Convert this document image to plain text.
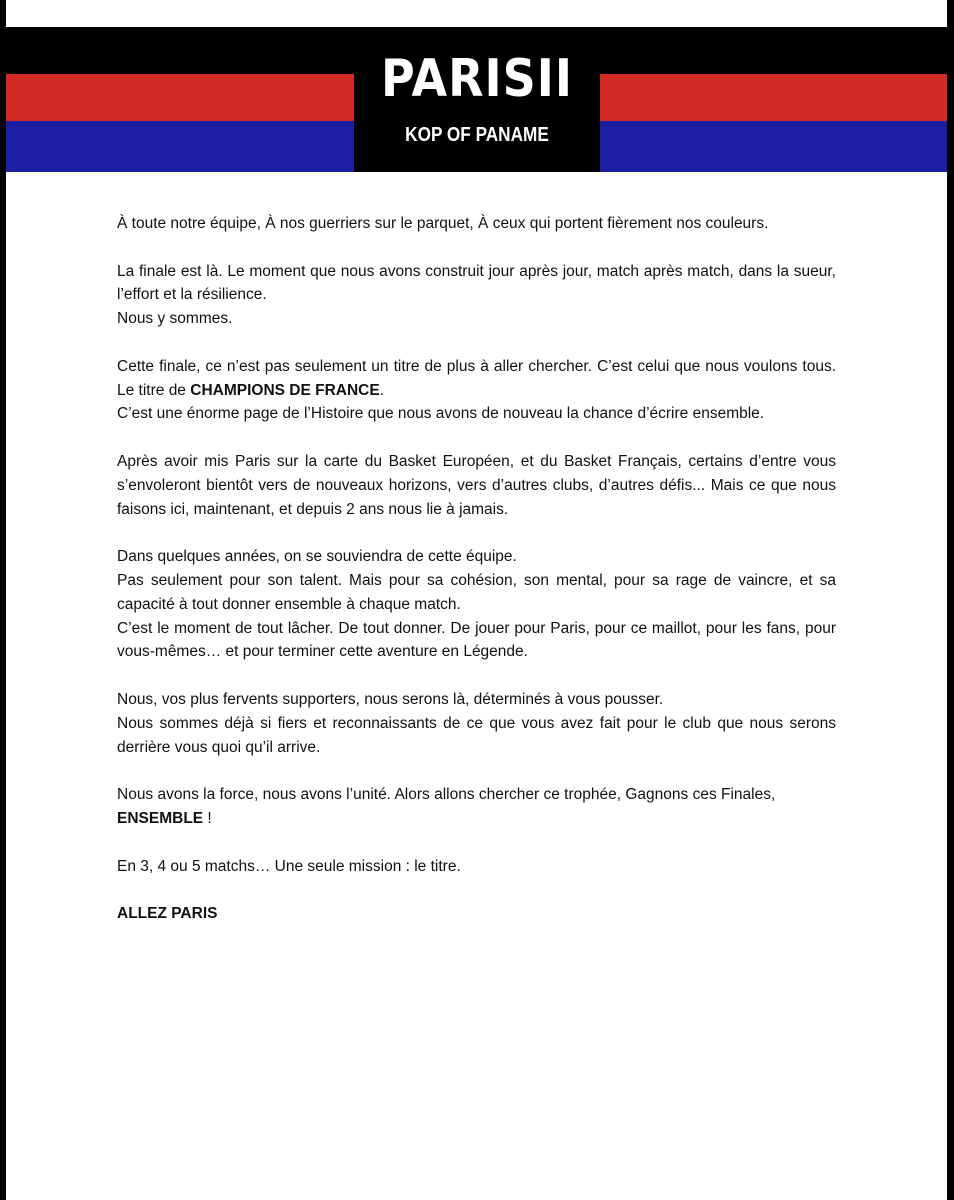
PARISII
KOP OF PANAME

À toute notre équipe, À nos guerriers sur le parquet, À ceux qui portent fièrement nos couleurs.

La finale est là. Le moment que nous avons construit jour après jour, match après match, dans la sueur, l’effort et la résilience.
Nous y sommes.

Cette finale, ce n’est pas seulement un titre de plus à aller chercher. C’est celui que nous voulons tous. Le titre de CHAMPIONS DE FRANCE.
C’est une énorme page de l’Histoire que nous avons de nouveau la chance d’écrire ensemble.

Après avoir mis Paris sur la carte du Basket Européen, et du Basket Français, certains d’entre vous s’envoleront bientôt vers de nouveaux horizons, vers d’autres clubs, d’autres défis... Mais ce que nous faisons ici, maintenant, et depuis 2 ans nous lie à jamais.

Dans quelques années, on se souviendra de cette équipe.
Pas seulement pour son talent. Mais pour sa cohésion, son mental, pour sa rage de vaincre, et sa capacité à tout donner ensemble à chaque match.
C’est le moment de tout lâcher. De tout donner. De jouer pour Paris, pour ce maillot, pour les fans, pour vous-mêmes… et pour terminer cette aventure en Légende.

Nous, vos plus fervents supporters, nous serons là, déterminés à vous pousser.
Nous sommes déjà si fiers et reconnaissants de ce que vous avez fait pour le club que nous serons derrière vous quoi qu’il arrive.

Nous avons la force, nous avons l’unité. Alors allons chercher ce trophée, Gagnons ces Finales, ENSEMBLE !

En 3, 4 ou 5 matchs… Une seule mission : le titre.

ALLEZ PARIS
